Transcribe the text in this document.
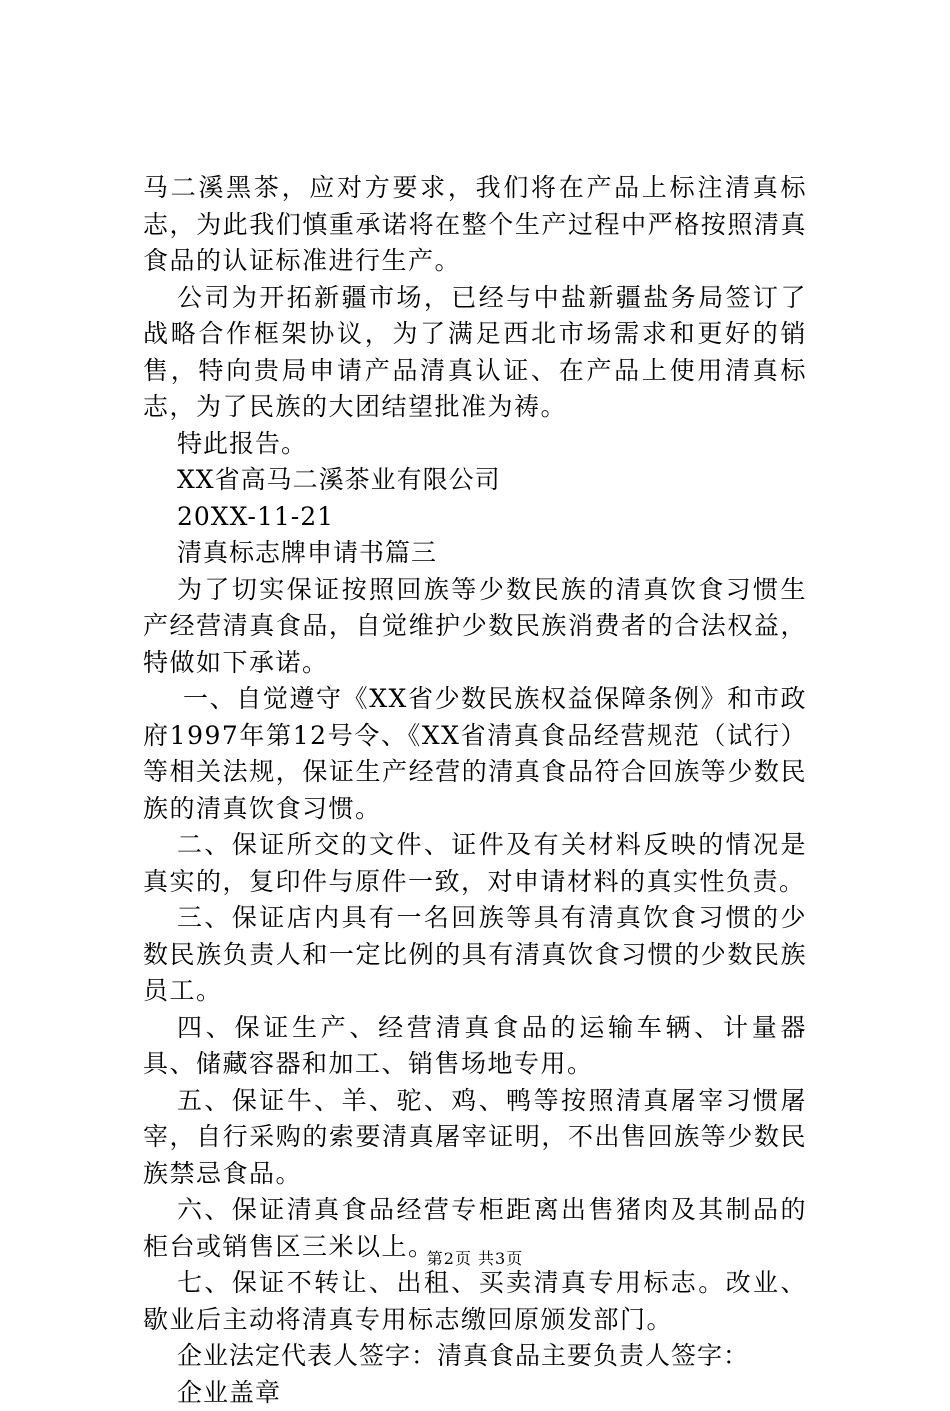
马二溪黑茶，应对方要求，我们将在产品上标注清真标志，为此我们慎重承诺将在整个生产过程中严格按照清真食品的认证标准进行生产。

公司为开拓新疆市场，已经与中盐新疆盐务局签订了战略合作框架协议，为了满足西北市场需求和更好的销售，特向贵局申请产品清真认证、在产品上使用清真标志，为了民族的大团结望批准为祷。

特此报告。

XX省高马二溪茶业有限公司

20XX-11-21

清真标志牌申请书篇三

为了切实保证按照回族等少数民族的清真饮食习惯生产经营清真食品，自觉维护少数民族消费者的合法权益，特做如下承诺。

一、自觉遵守《XX省少数民族权益保障条例》和市政府1997年第12号令、《XX省清真食品经营规范（试行）等相关法规，保证生产经营的清真食品符合回族等少数民族的清真饮食习惯。

二、保证所交的文件、证件及有关材料反映的情况是真实的，复印件与原件一致，对申请材料的真实性负责。

三、保证店内具有一名回族等具有清真饮食习惯的少数民族负责人和一定比例的具有清真饮食习惯的少数民族员工。

四、保证生产、经营清真食品的运输车辆、计量器具、储藏容器和加工、销售场地专用。

五、保证牛、羊、驼、鸡、鸭等按照清真屠宰习惯屠宰，自行采购的索要清真屠宰证明，不出售回族等少数民族禁忌食品。

六、保证清真食品经营专柜距离出售猪肉及其制品的柜台或销售区三米以上。

七、保证不转让、出租、买卖清真专用标志。改业、歇业后主动将清真专用标志缴回原颁发部门。

企业法定代表人签字：清真食品主要负责人签字：

企业盖章

第2页 共3页
